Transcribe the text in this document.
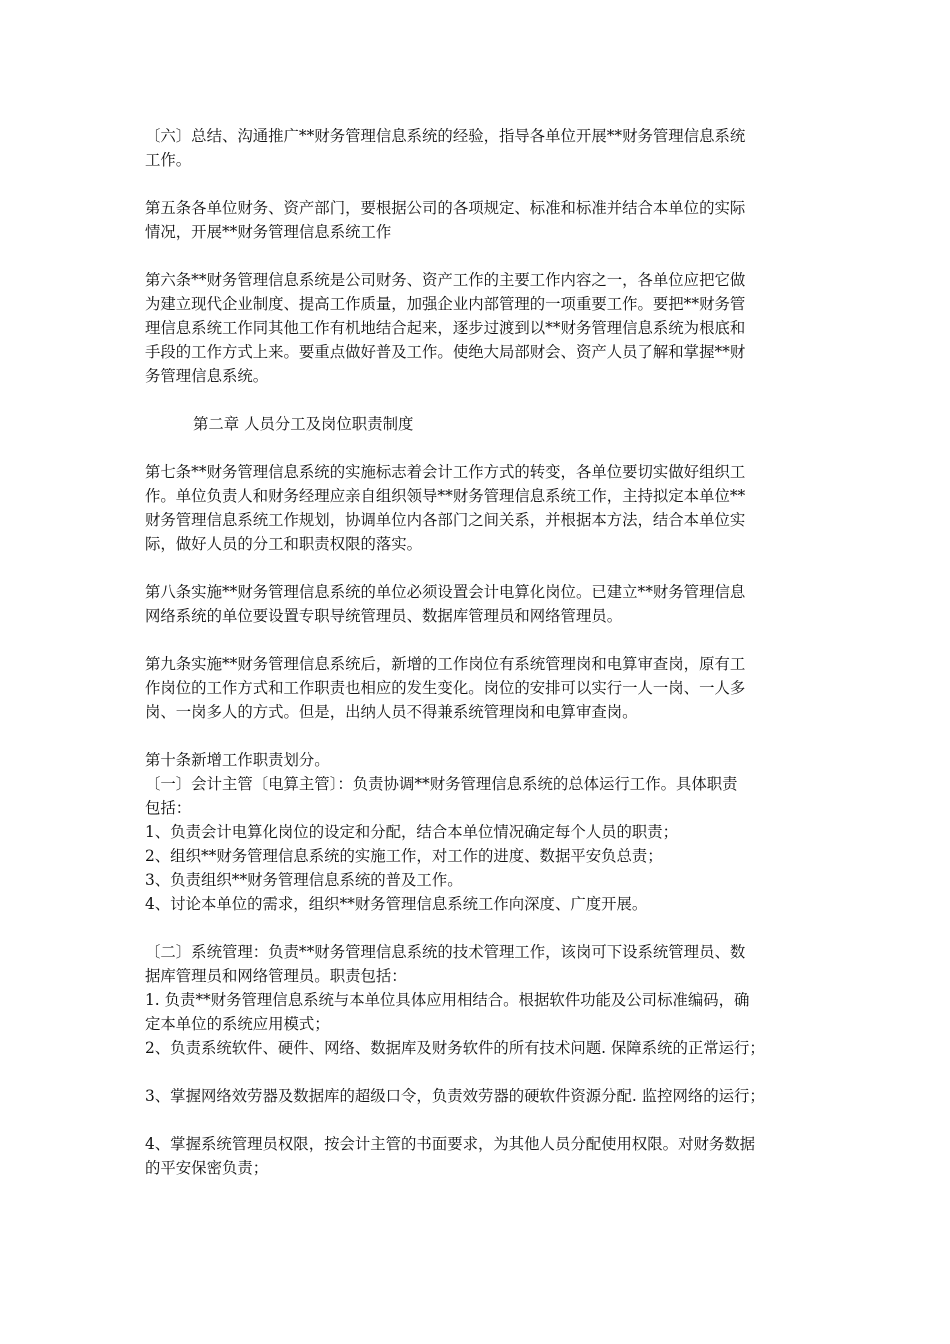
〔六〕总结、沟通推广**财务管理信息系统的经验，指导各单位开展**财务管理信息系统
工作。
第五条各单位财务、资产部门，要根据公司的各项规定、标准和标准并结合本单位的实际
情况，开展**财务管理信息系统工作
第六条**财务管理信息系统是公司财务、资产工作的主要工作内容之一，各单位应把它做
为建立现代企业制度、提高工作质量，加强企业内部管理的一项重要工作。要把**财务管
理信息系统工作同其他工作有机地结合起来，逐步过渡到以**财务管理信息系统为根底和
手段的工作方式上来。要重点做好普及工作。使绝大局部财会、资产人员了解和掌握**财
务管理信息系统。
第二章 人员分工及岗位职责制度
第七条**财务管理信息系统的实施标志着会计工作方式的转变，各单位要切实做好组织工
作。单位负责人和财务经理应亲自组织领导**财务管理信息系统工作，主持拟定本单位**
财务管理信息系统工作规划，协调单位内各部门之间关系，并根据本方法，结合本单位实
际，做好人员的分工和职责权限的落实。
第八条实施**财务管理信息系统的单位必须设置会计电算化岗位。已建立**财务管理信息
网络系统的单位要设置专职导统管理员、数据库管理员和网络管理员。
第九条实施**财务管理信息系统后，新增的工作岗位有系统管理岗和电算审查岗，原有工
作岗位的工作方式和工作职责也相应的发生变化。岗位的安排可以实行一人一岗、一人多
岗、一岗多人的方式。但是，出纳人员不得兼系统管理岗和电算审查岗。
第十条新增工作职责划分。
〔一〕会计主管〔电算主管〕：负责协调**财务管理信息系统的总体运行工作。具体职责
包括：
1、负责会计电算化岗位的设定和分配，结合本单位情况确定每个人员的职责；
2、组织**财务管理信息系统的实施工作，对工作的进度、数据平安负总责；
3、负责组织**财务管理信息系统的普及工作。
4、讨论本单位的需求，组织**财务管理信息系统工作向深度、广度开展。
〔二〕系统管理：负责**财务管理信息系统的技术管理工作，该岗可下设系统管理员、数
据库管理员和网络管理员。职责包括：
1. 负责**财务管理信息系统与本单位具体应用相结合。根据软件功能及公司标准编码，确
定本单位的系统应用模式；
2、负责系统软件、硬件、网络、数据库及财务软件的所有技术问题. 保障系统的正常运行；
3、掌握网络效劳器及数据库的超级口令，负责效劳器的硬软件资源分配. 监控网络的运行；
4、掌握系统管理员权限，按会计主管的书面要求，为其他人员分配使用权限。对财务数据
的平安保密负责；
